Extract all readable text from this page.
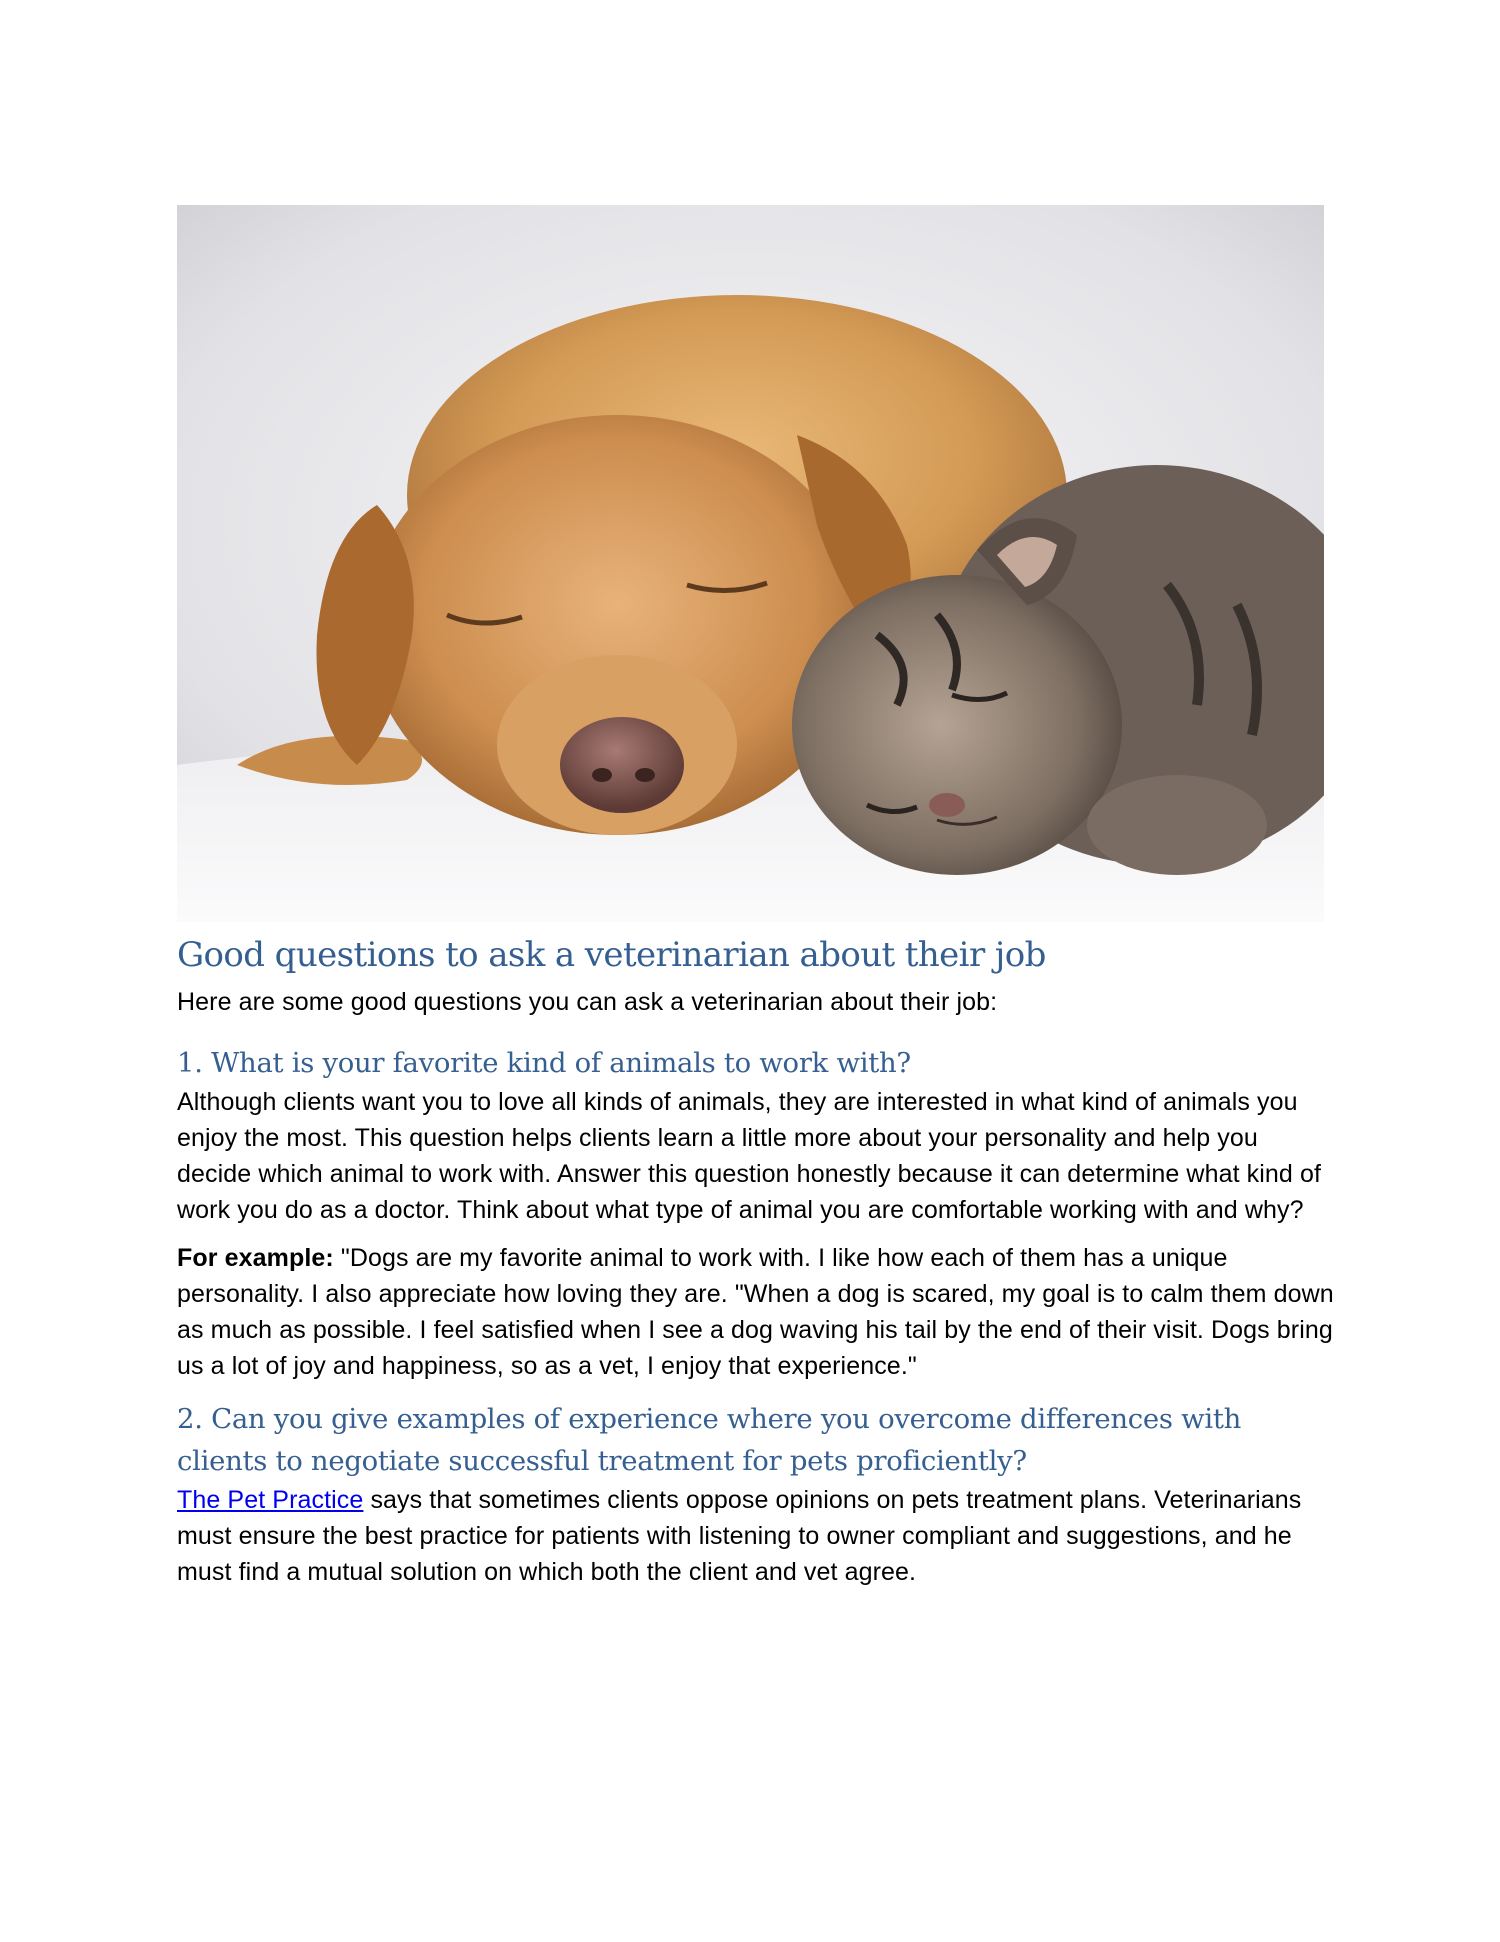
Good questions to ask a veterinarian about their job

Here are some good questions you can ask a veterinarian about their job:

1. What is your favorite kind of animals to work with?

Although clients want you to love all kinds of animals, they are interested in what kind of animals you enjoy the most. This question helps clients learn a little more about your personality and help you decide which animal to work with. Answer this question honestly because it can determine what kind of work you do as a doctor. Think about what type of animal you are comfortable working with and why?

For example: "Dogs are my favorite animal to work with. I like how each of them has a unique personality. I also appreciate how loving they are. "When a dog is scared, my goal is to calm them down as much as possible. I feel satisfied when I see a dog waving his tail by the end of their visit. Dogs bring us a lot of joy and happiness, so as a vet, I enjoy that experience."

2. Can you give examples of experience where you overcome differences with clients to negotiate successful treatment for pets proficiently?

The Pet Practice says that sometimes clients oppose opinions on pets treatment plans. Veterinarians must ensure the best practice for patients with listening to owner compliant and suggestions, and he must find a mutual solution on which both the client and vet agree.
